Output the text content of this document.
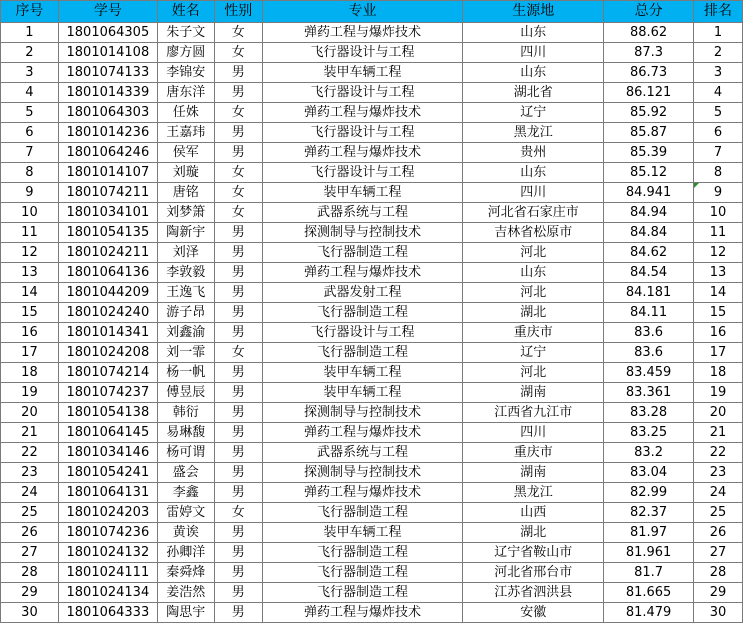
序号	学号	姓名	性别	专业	生源地	总分	排名
1	1801064305	朱子文	女	弹药工程与爆炸技术	山东	88.62	1
2	1801014108	廖方圆	女	飞行器设计与工程	四川	87.3	2
3	1801074133	李锦安	男	装甲车辆工程	山东	86.73	3
4	1801014339	唐东洋	男	飞行器设计与工程	湖北省	86.121	4
5	1801064303	任姝	女	弹药工程与爆炸技术	辽宁	85.92	5
6	1801014236	王嘉玮	男	飞行器设计与工程	黑龙江	85.87	6
7	1801064246	侯军	男	弹药工程与爆炸技术	贵州	85.39	7
8	1801014107	刘璇	女	飞行器设计与工程	山东	85.12	8
9	1801074211	唐铭	女	装甲车辆工程	四川	84.941	9
10	1801034101	刘梦箫	女	武器系统与工程	河北省石家庄市	84.94	10
11	1801054135	陶新宇	男	探测制导与控制技术	吉林省松原市	84.84	11
12	1801024211	刘泽	男	飞行器制造工程	河北	84.62	12
13	1801064136	李敦毅	男	弹药工程与爆炸技术	山东	84.54	13
14	1801044209	王逸飞	男	武器发射工程	河北	84.181	14
15	1801024240	游子昂	男	飞行器制造工程	湖北	84.11	15
16	1801014341	刘鑫渝	男	飞行器设计与工程	重庆市	83.6	16
17	1801024208	刘一霏	女	飞行器制造工程	辽宁	83.6	17
18	1801074214	杨一帆	男	装甲车辆工程	河北	83.459	18
19	1801074237	傅昱辰	男	装甲车辆工程	湖南	83.361	19
20	1801054138	韩衍	男	探测制导与控制技术	江西省九江市	83.28	20
21	1801064145	易琳馥	男	弹药工程与爆炸技术	四川	83.25	21
22	1801034146	杨可谓	男	武器系统与工程	重庆市	83.2	22
23	1801054241	盛会	男	探测制导与控制技术	湖南	83.04	23
24	1801064131	李鑫	男	弹药工程与爆炸技术	黑龙江	82.99	24
25	1801024203	雷婷文	女	飞行器制造工程	山西	82.37	25
26	1801074236	黄诶	男	装甲车辆工程	湖北	81.97	26
27	1801024132	孙卿洋	男	飞行器制造工程	辽宁省鞍山市	81.961	27
28	1801024111	秦舜烽	男	飞行器制造工程	河北省邢台市	81.7	28
29	1801024134	姜浩然	男	飞行器制造工程	江苏省泗洪县	81.665	29
30	1801064333	陶思宇	男	弹药工程与爆炸技术	安徽	81.479	30
